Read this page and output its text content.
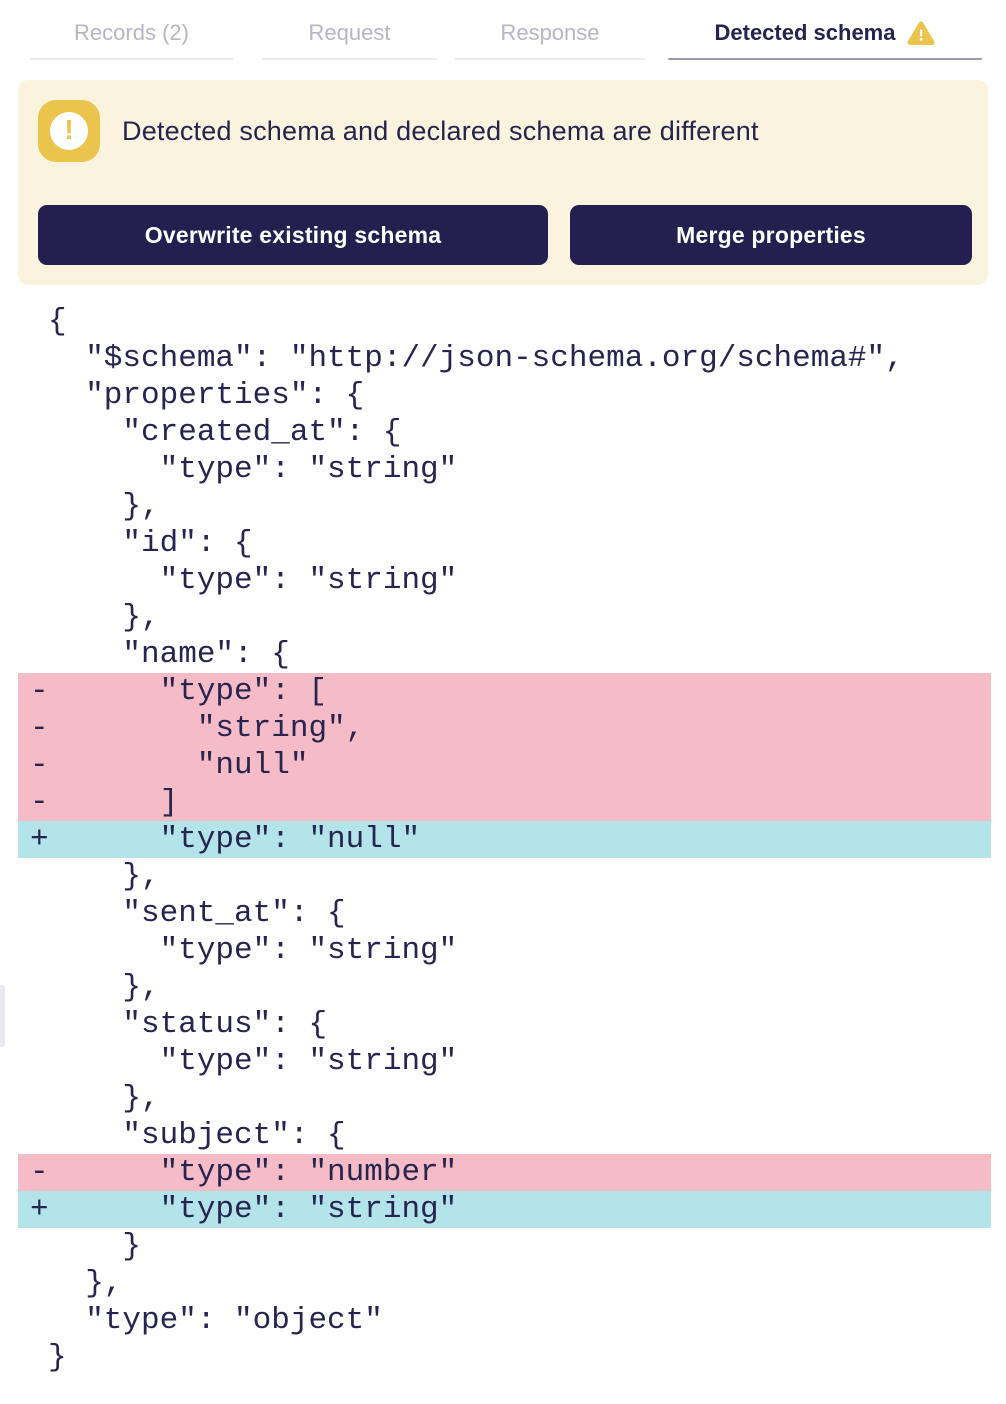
Records (2)	Request	Response	Detected schema
! Detected schema and declared schema are different
Overwrite existing schema	Merge properties
{
"$schema": "http://json-schema.org/schema#",
"properties": {
"created_at": {
"type": "string"
},
"id": {
"type": "string"
},
"name": {
- "type": [
- "string",
- "null"
- ]
+ "type": "null"
},
"sent_at": {
"type": "string"
},
"status": {
"type": "string"
},
"subject": {
- "type": "number"
+ "type": "string"
}
},
"type": "object"
}
